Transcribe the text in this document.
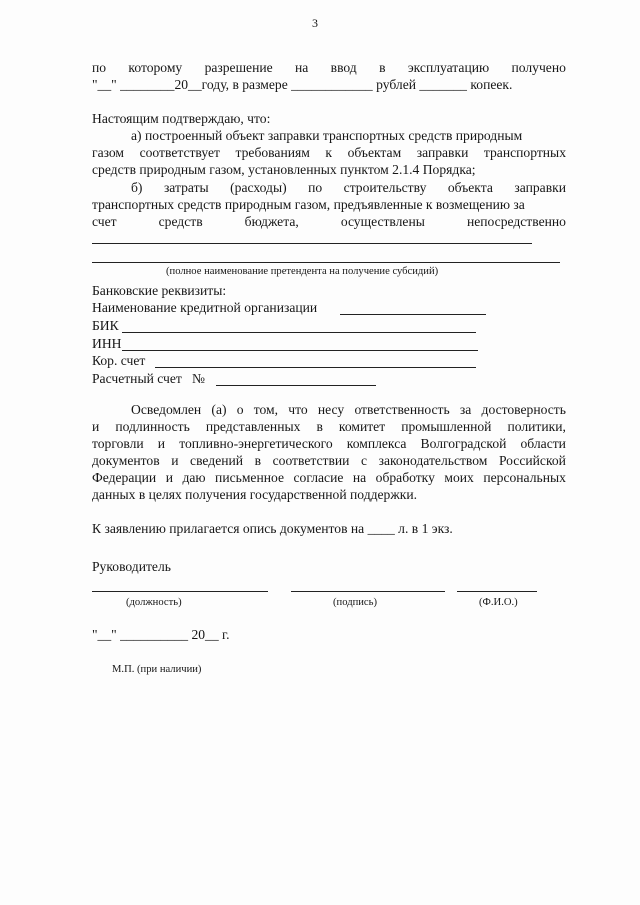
3
по которому разрешение на ввод в эксплуатацию получено
"__" ________20__году, в размере ____________ рублей _______ копеек.
Настоящим подтверждаю, что:
а) построенный объект заправки транспортных средств природным
газом соответствует требованиям к объектам заправки транспортных
средств природным газом, установленных пунктом 2.1.4 Порядка;
б) затраты (расходы) по строительству объекта заправки
транспортных средств природным газом, предъявленные к возмещению за
счет	средств	бюджета,	осуществлены	непосредственно
(полное наименование претендента на получение субсидий)
Банковские реквизиты:
Наименование кредитной организации
БИК
ИНН
Кор. счет
Расчетный счет №
Осведомлен (а) о том, что несу ответственность за достоверность
и подлинность представленных в комитет промышленной политики,
торговли и топливно-энергетического комплекса Волгоградской области
документов и сведений в соответствии с законодательством Российской
Федерации и даю письменное согласие на обработку моих персональных
данных в целях получения государственной поддержки.
К заявлению прилагается опись документов на ____ л. в 1 экз.
Руководитель
(должность)	(подпись)	(Ф.И.О.)
"__" __________ 20__ г.
М.П. (при наличии)
